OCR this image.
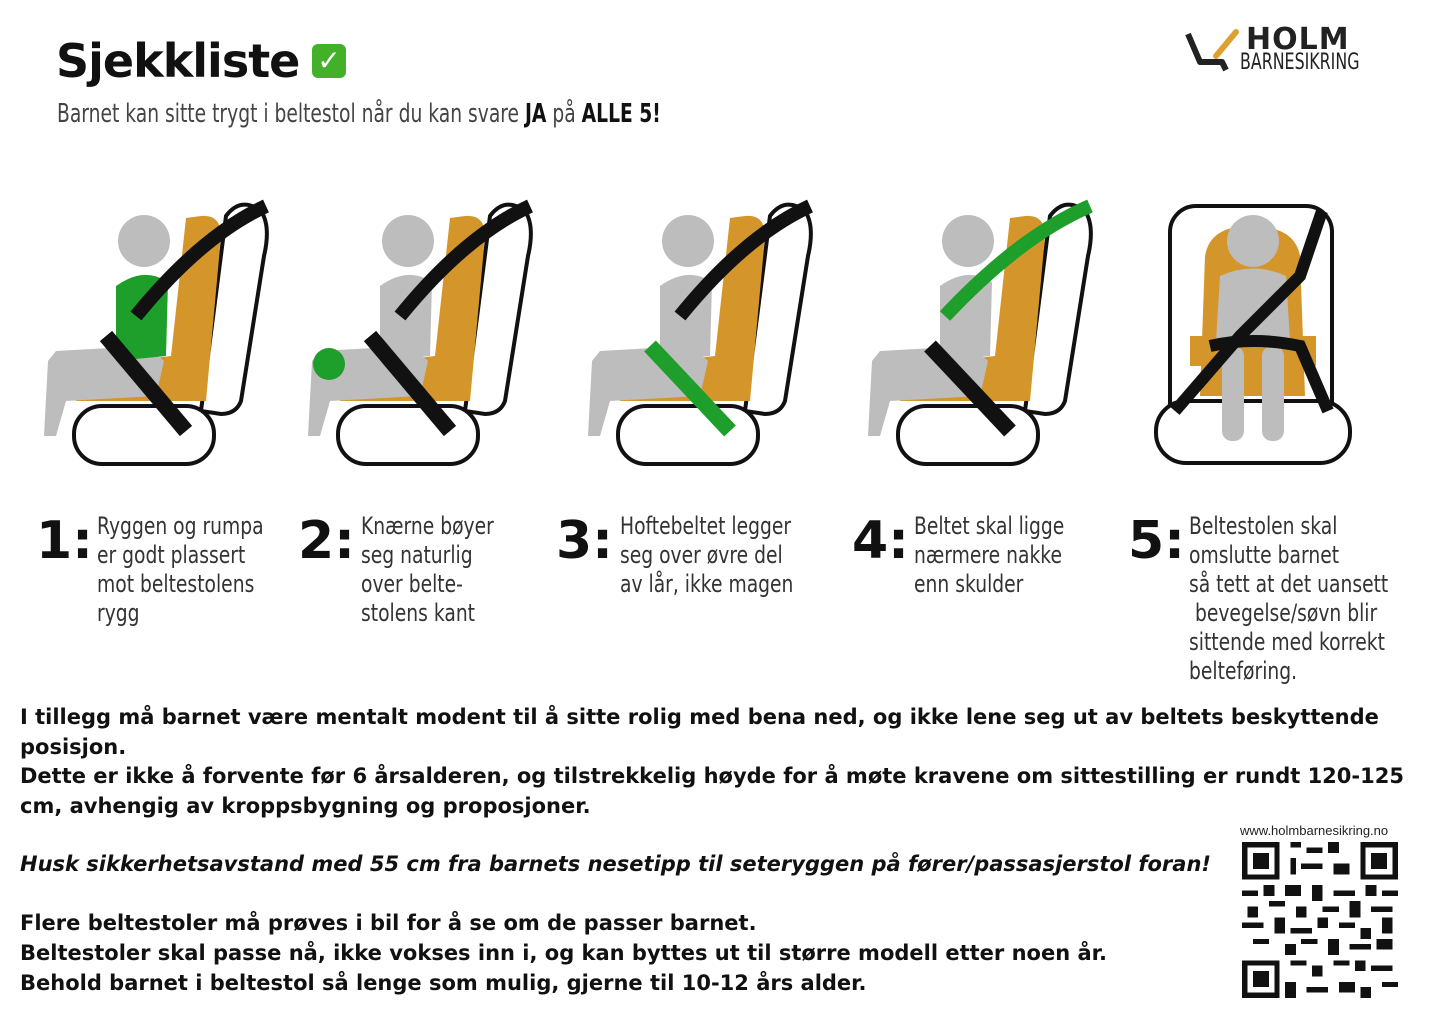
Sjekkliste ✓
Barnet kan sitte trygt i beltestol når du kan svare JA på ALLE 5!
HOLM
BARNESIKRING
1: Ryggen og rumpa
er godt plassert
mot beltestolens
rygg
2: Knærne bøyer
seg naturlig
over belte-
stolens kant
3: Hoftebeltet legger
seg over øvre del
av lår, ikke magen
4: Beltet skal ligge
nærmere nakke
enn skulder
5: Beltestolen skal
omslutte barnet
så tett at det uansett
bevegelse/søvn blir
sittende med korrekt
belteføring.
I tillegg må barnet være mentalt modent til å sitte rolig med bena ned, og ikke lene seg ut av beltets beskyttende posisjon.
Dette er ikke å forvente før 6 årsalderen, og tilstrekkelig høyde for å møte kravene om sittestilling er rundt 120-125 cm, avhengig av kroppsbygning og proposjoner.
Husk sikkerhetsavstand med 55 cm fra barnets nesetipp til seteryggen på fører/passasjerstol foran!
Flere beltestoler må prøves i bil for å se om de passer barnet.
Beltestoler skal passe nå, ikke vokses inn i, og kan byttes ut til større modell etter noen år.
Behold barnet i beltestol så lenge som mulig, gjerne til 10-12 års alder.
www.holmbarnesikring.no
